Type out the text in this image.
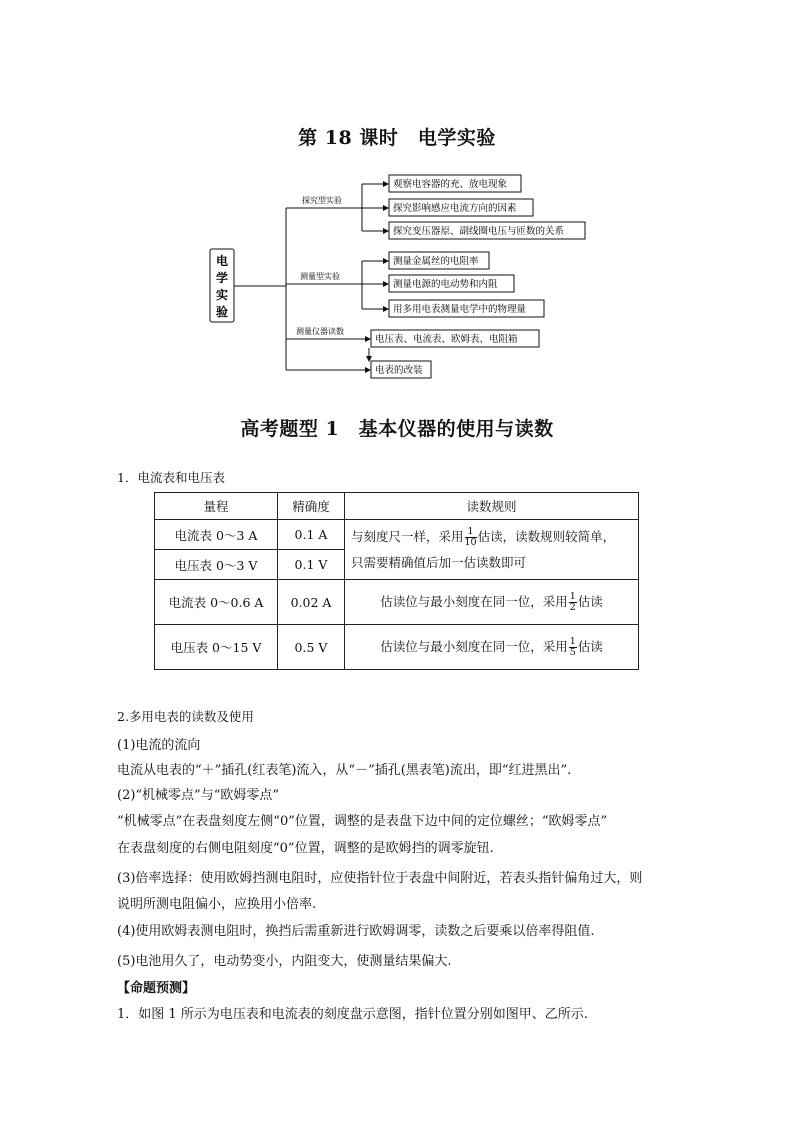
第 18 课时　电学实验
电
学
实
验
探究型实验
测量型实验
测量仪器读数
观察电容器的充、放电现象
探究影响感应电流方向的因素
探究变压器原、副线圈电压与匝数的关系
测量金属丝的电阻率
测量电源的电动势和内阻
用多用电表测量电学中的物理量
电压表、电流表、欧姆表、电阻箱
电表的改装
高考题型 1　基本仪器的使用与读数
1．电流表和电压表
量程	精确度	读数规则
电流表 0～3 A	0.1 A	与刻度尺一样，采用 $\frac{1}{10}$ 估读，读数规则较简单，
只需要精确值后加一估读数即可
电压表 0～3 V	0.1 V	
电流表 0～0.6 A	0.02 A	估读位与最小刻度在同一位，采用 $\frac{1}{2}$ 估读
电压表 0～15 V	0.5 V	估读位与最小刻度在同一位，采用 $\frac{1}{5}$ 估读
2.多用电表的读数及使用
(1)电流的流向
电流从电表的“＋”插孔(红表笔)流入，从“－”插孔(黑表笔)流出，即“红进黑出”.
(2)“机械零点”与“欧姆零点”
“机械零点”在表盘刻度左侧“0”位置，调整的是表盘下边中间的定位螺丝；“欧姆零点”
在表盘刻度的右侧电阻刻度“0”位置，调整的是欧姆挡的调零旋钮.
(3)倍率选择：使用欧姆挡测电阻时，应使指针位于表盘中间附近，若表头指针偏角过大，则
说明所测电阻偏小，应换用小倍率.
(4)使用欧姆表测电阻时，换挡后需重新进行欧姆调零，读数之后要乘以倍率得阻值.
(5)电池用久了，电动势变小，内阻变大，使测量结果偏大.
【命题预测】
1．如图 1 所示为电压表和电流表的刻度盘示意图，指针位置分别如图甲、乙所示.
